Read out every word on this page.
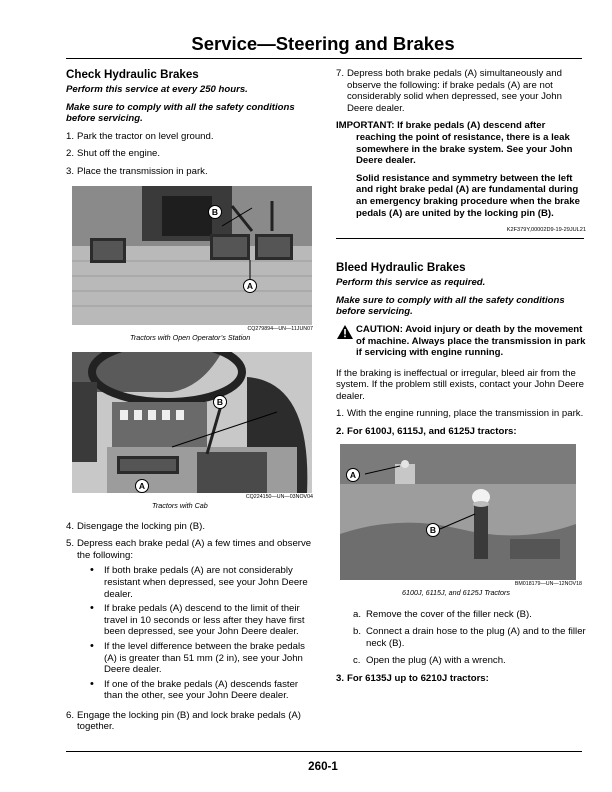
Service—Steering and Brakes
Check Hydraulic Brakes
Perform this service at every 250 hours.
Make sure to comply with all the safety conditions before servicing.
1. Park the tractor on level ground.
2. Shut off the engine.
3. Place the transmission in park.
B
A
CQ279894—UN—11JUN07
Tractors with Open Operator’s Station
B
A
CQ224150—UN—03NOV04
Tractors with Cab
4. Disengage the locking pin (B).
5. Depress each brake pedal (A) a few times and observe the following:
• If both brake pedals (A) are not considerably resistant when depressed, see your John Deere dealer.
• If brake pedals (A) descend to the limit of their travel in 10 seconds or less after they have first been depressed, see your John Deere dealer.
• If the level difference between the brake pedals (A) is greater than 51 mm (2 in), see your John Deere dealer.
• If one of the brake pedals (A) descends faster than the other, see your John Deere dealer.
6. Engage the locking pin (B) and lock brake pedals (A) together.
7. Depress both brake pedals (A) simultaneously and observe the following: if brake pedals (A) are not considerably solid when depressed, see your John Deere dealer.
IMPORTANT: If brake pedals (A) descend after reaching the point of resistance, there is a leak somewhere in the brake system. See your John Deere dealer.
Solid resistance and symmetry between the left and right brake pedal (A) are fundamental during an emergency braking procedure when the brake pedals (A) are united by the locking pin (B).
K2F379Y,00002D9-19-29JUL21
Bleed Hydraulic Brakes
Perform this service as required.
Make sure to comply with all the safety conditions before servicing.
CAUTION: Avoid injury or death by the movement of machine. Always place the transmission in park if servicing with engine running.

If the braking is ineffectual or irregular, bleed air from the system. If the problem still exists, contact your John Deere dealer.

1. With the engine running, place the transmission in park.
2. For 6100J, 6115J, and 6125J tractors:
A
B
BM018179—UN—12NOV18
6100J, 6115J, and 6125J Tractors
a. Remove the cover of the filler neck (B).
b. Connect a drain hose to the plug (A) and to the filler neck (B).
c. Open the plug (A) with a wrench.
3. For 6135J up to 6210J tractors:
260-1
